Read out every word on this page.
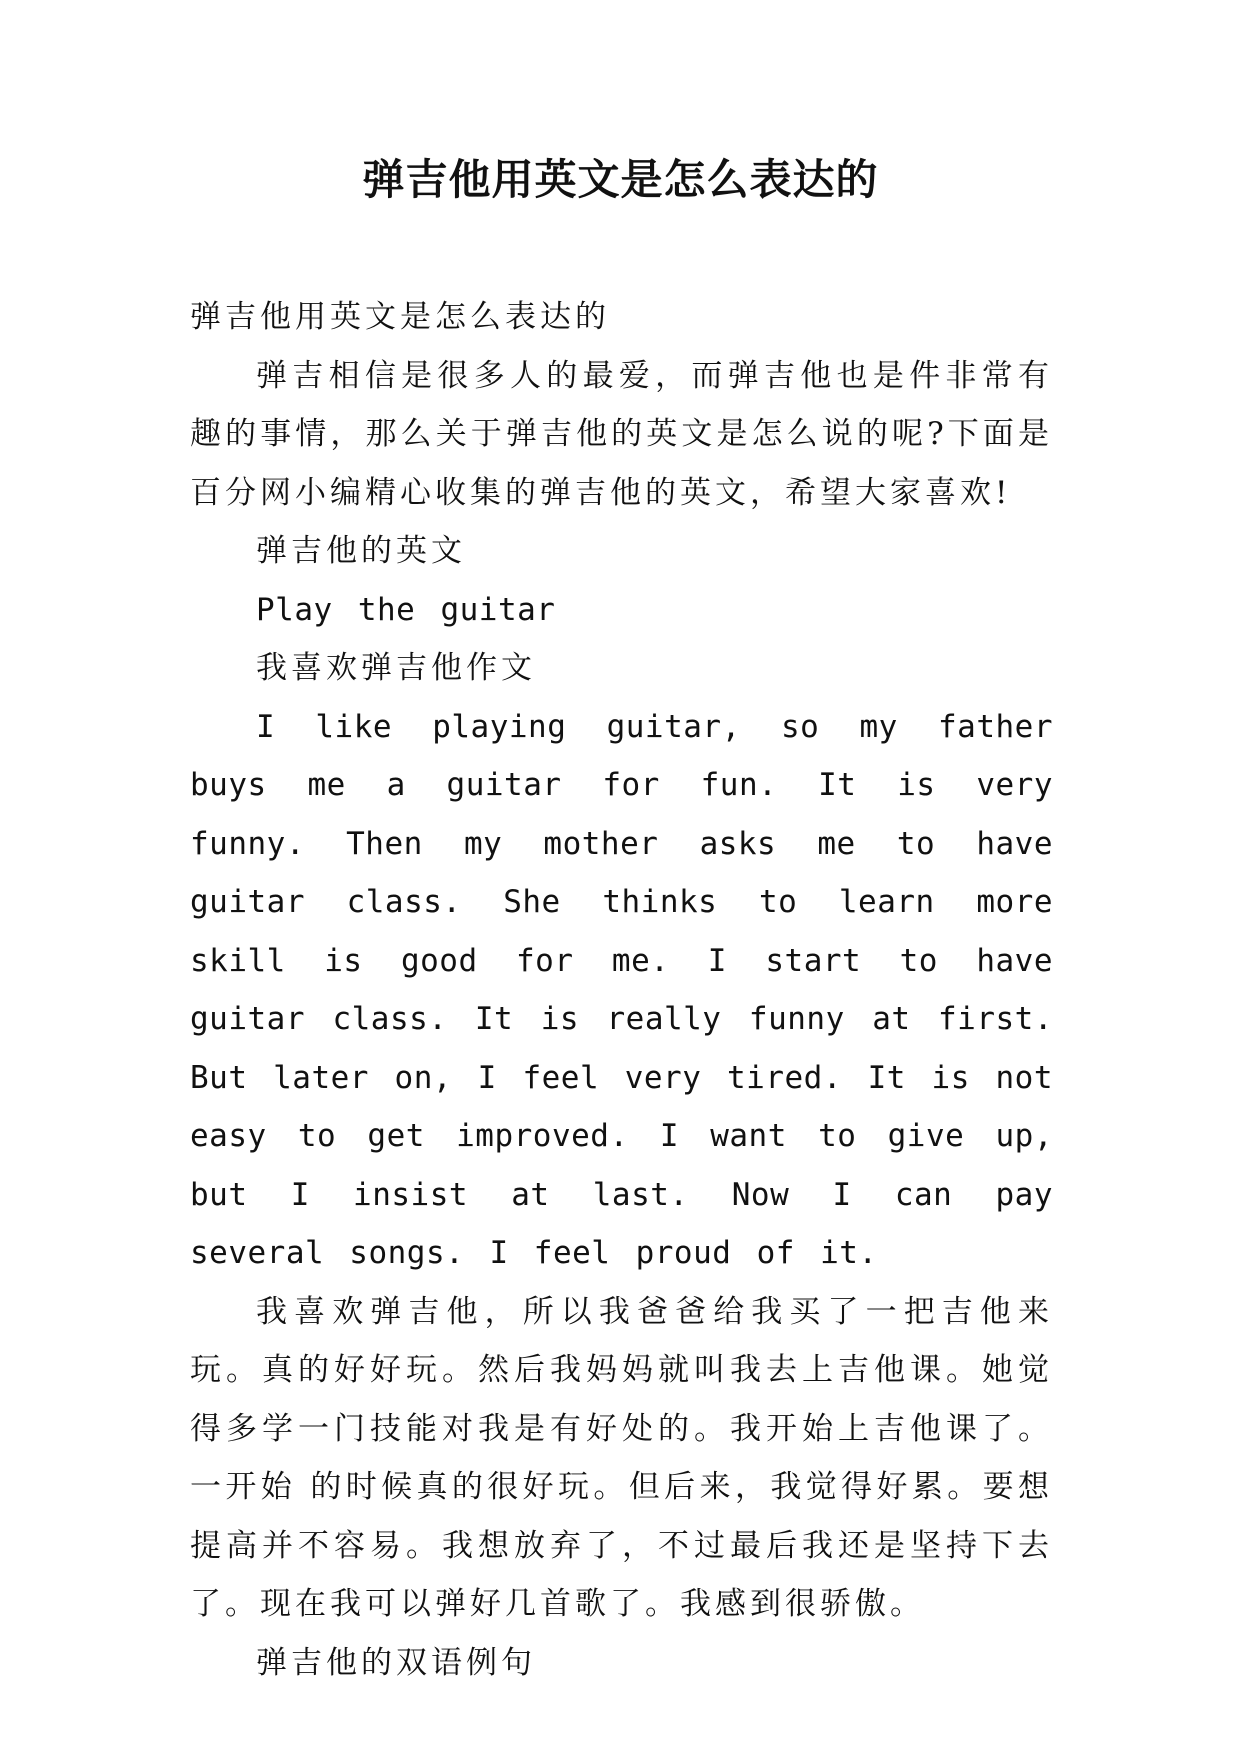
弹吉他用英文是怎么表达的

弹吉他用英文是怎么表达的

弹吉相信是很多人的最爱，而弹吉他也是件非常有趣的事情，那么关于弹吉他的英文是怎么说的呢?下面是百分网小编精心收集的弹吉他的英文，希望大家喜欢!

弹吉他的英文

Play the guitar

我喜欢弹吉他作文

I like playing guitar, so my father buys me a guitar for fun. It is very funny. Then my mother asks me to have guitar class. She thinks to learn more skill is good for me. I start to have guitar class. It is really funny at first. But later on, I feel very tired. It is not easy to get improved. I want to give up, but I insist at last. Now I can pay several songs. I feel proud of it.

我喜欢弹吉他，所以我爸爸给我买了一把吉他来玩。真的好好玩。然后我妈妈就叫我去上吉他课。她觉得多学一门技能对我是有好处的。我开始上吉他课了。一开始 的时候真的很好玩。但后来，我觉得好累。要想提高并不容易。我想放弃了，不过最后我还是坚持下去了。现在我可以弹好几首歌了。我感到很骄傲。

弹吉他的双语例句
